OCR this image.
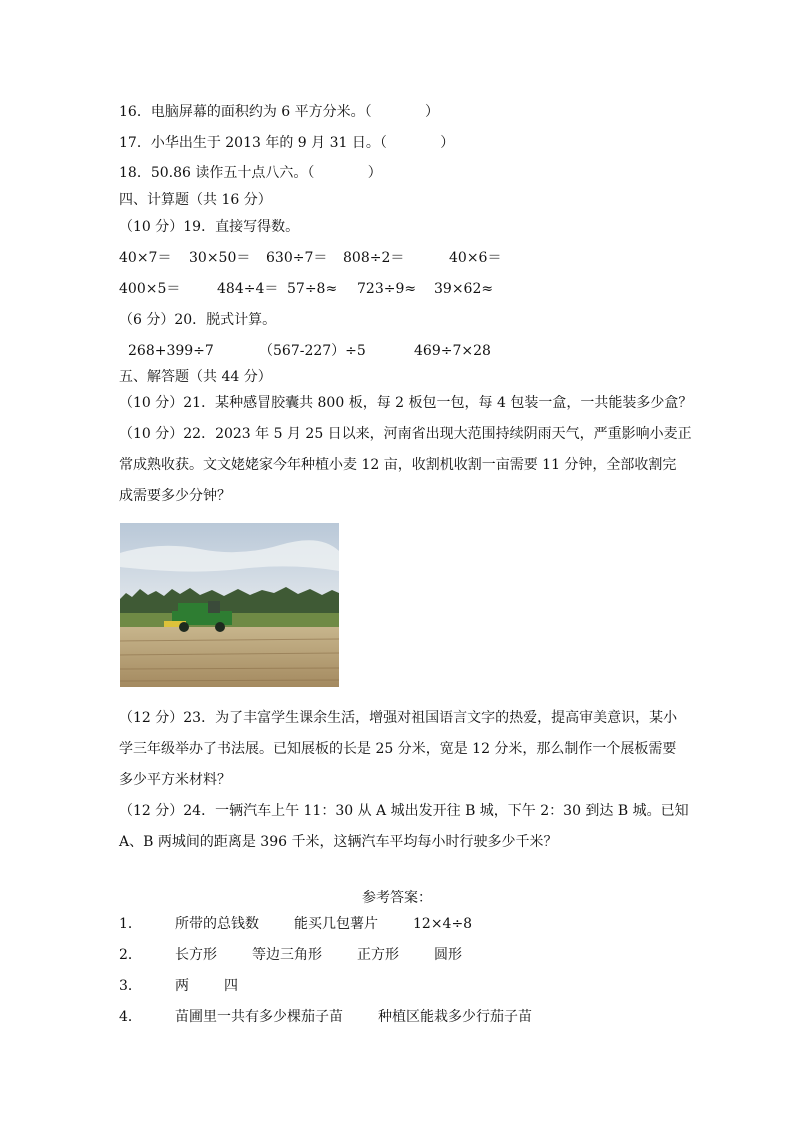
16．电脑屏幕的面积约为 6 平方分米。（            ）
17．小华出生于 2013 年的 9 月 31 日。（            ）
18．50.86 读作五十点八六。（            ）
四、计算题（共 16 分）
（10 分）19．直接写得数。
40×7＝ 30×50＝ 630÷7＝ 808÷2＝	40×6＝
400×5＝	484÷4＝ 57÷8≈ 723÷9≈ 39×62≈
（6 分）20．脱式计算。
268+399÷7	（567-227）÷5	469÷7×28
五、解答题（共 44 分）
（10 分）21．某种感冒胶囊共 800 板，每 2 板包一包，每 4 包装一盒，一共能装多少盒？
（10 分）22．2023 年 5 月 25 日以来，河南省出现大范围持续阴雨天气，严重影响小麦正
常成熟收获。文文姥姥家今年种植小麦 12 亩，收割机收割一亩需要 11 分钟，全部收割完
成需要多少分钟？
（12 分）23．为了丰富学生课余生活，增强对祖国语言文字的热爱，提高审美意识，某小
学三年级举办了书法展。已知展板的长是 25 分米，宽是 12 分米，那么制作一个展板需要
多少平方米材料？
（12 分）24．一辆汽车上午 11：30 从 A 城出发开往 B 城，下午 2：30 到达 B 城。已知
A、B 两城间的距离是 396 千米，这辆汽车平均每小时行驶多少千米？
参考答案：
1． 所带的总钱数	能买几包薯片	12×4÷8
2． 长方形	等边三角形	正方形	圆形
3． 两	四
4． 苗圃里一共有多少棵茄子苗	种植区能栽多少行茄子苗
